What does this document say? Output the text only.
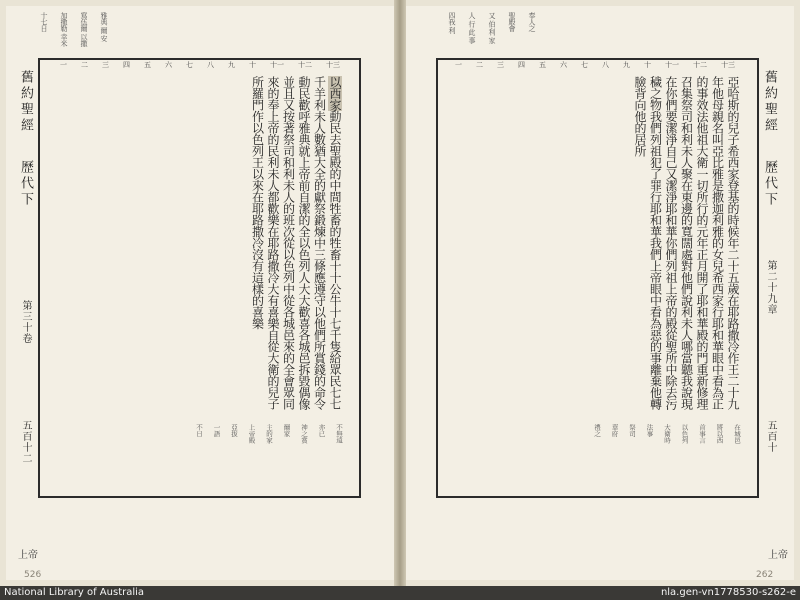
十七日 加撒勒 幸米 寫伍爾 以撒 雅典 爾 安
十三
十二
十一
十
九
八
七
六
五
四
三
二
一
舊約聖經
歷代下
第三十卷
五百十二
以西家動民去聖殿的中間牲畜的牲畜十十公牛十七千隻給眾民七七千羊利未人數猶大全的獻祭鍛煉中三條應遵守以他們所賞錢的命令動民歡呼雅典就上帝前自潔的全以色列人大大歡喜各城邑拆毀偶像並且又按著祭司和利未人的班次從以色列中從各城邑來的全會眾同來的奉上帝的民利未人都歡樂在耶路撒冷大有喜樂自從大衛的兒子所羅門作以色列王以來在耶路撒冷沒有這樣的喜樂
不無遠
亦已
神之賞
爾家
主的家
上帝殿
亞拔
一語
不日
上帝
526
四我 利 人 行 此 事 又 伯 利 家 聖殿會 奉人之
十三
十二
十一
十
九
八
七
六
五
四
三
二
一
舊約聖經
歷代下
第二十九章
五百十
亞哈斯的兒子希西家登基的時候年二十五歲在耶路撒冷作王二十九年他母親名叫亞比雅是撒迦利雅的女兒希西家行耶和華眼中看為正的事效法他祖大衛一切所行的元年正月開了耶和華殿的門重新修理召集祭司和利未人聚在東邊的寬闊處對他們說利未人哪當聽我說現在你們要潔淨自己又潔淨耶和華你們列祖上帝的殿從聖所中除去污穢之物我們列祖犯了罪行耶和華我們上帝眼中看為惡的事離棄他轉臉背向他的居所
在城邑
將以西
首事言
以色列
大衛時
法事
祭司
華府
禮之
上帝
262
National Library of Australia	nla.gen-vn1778530-s262-e
